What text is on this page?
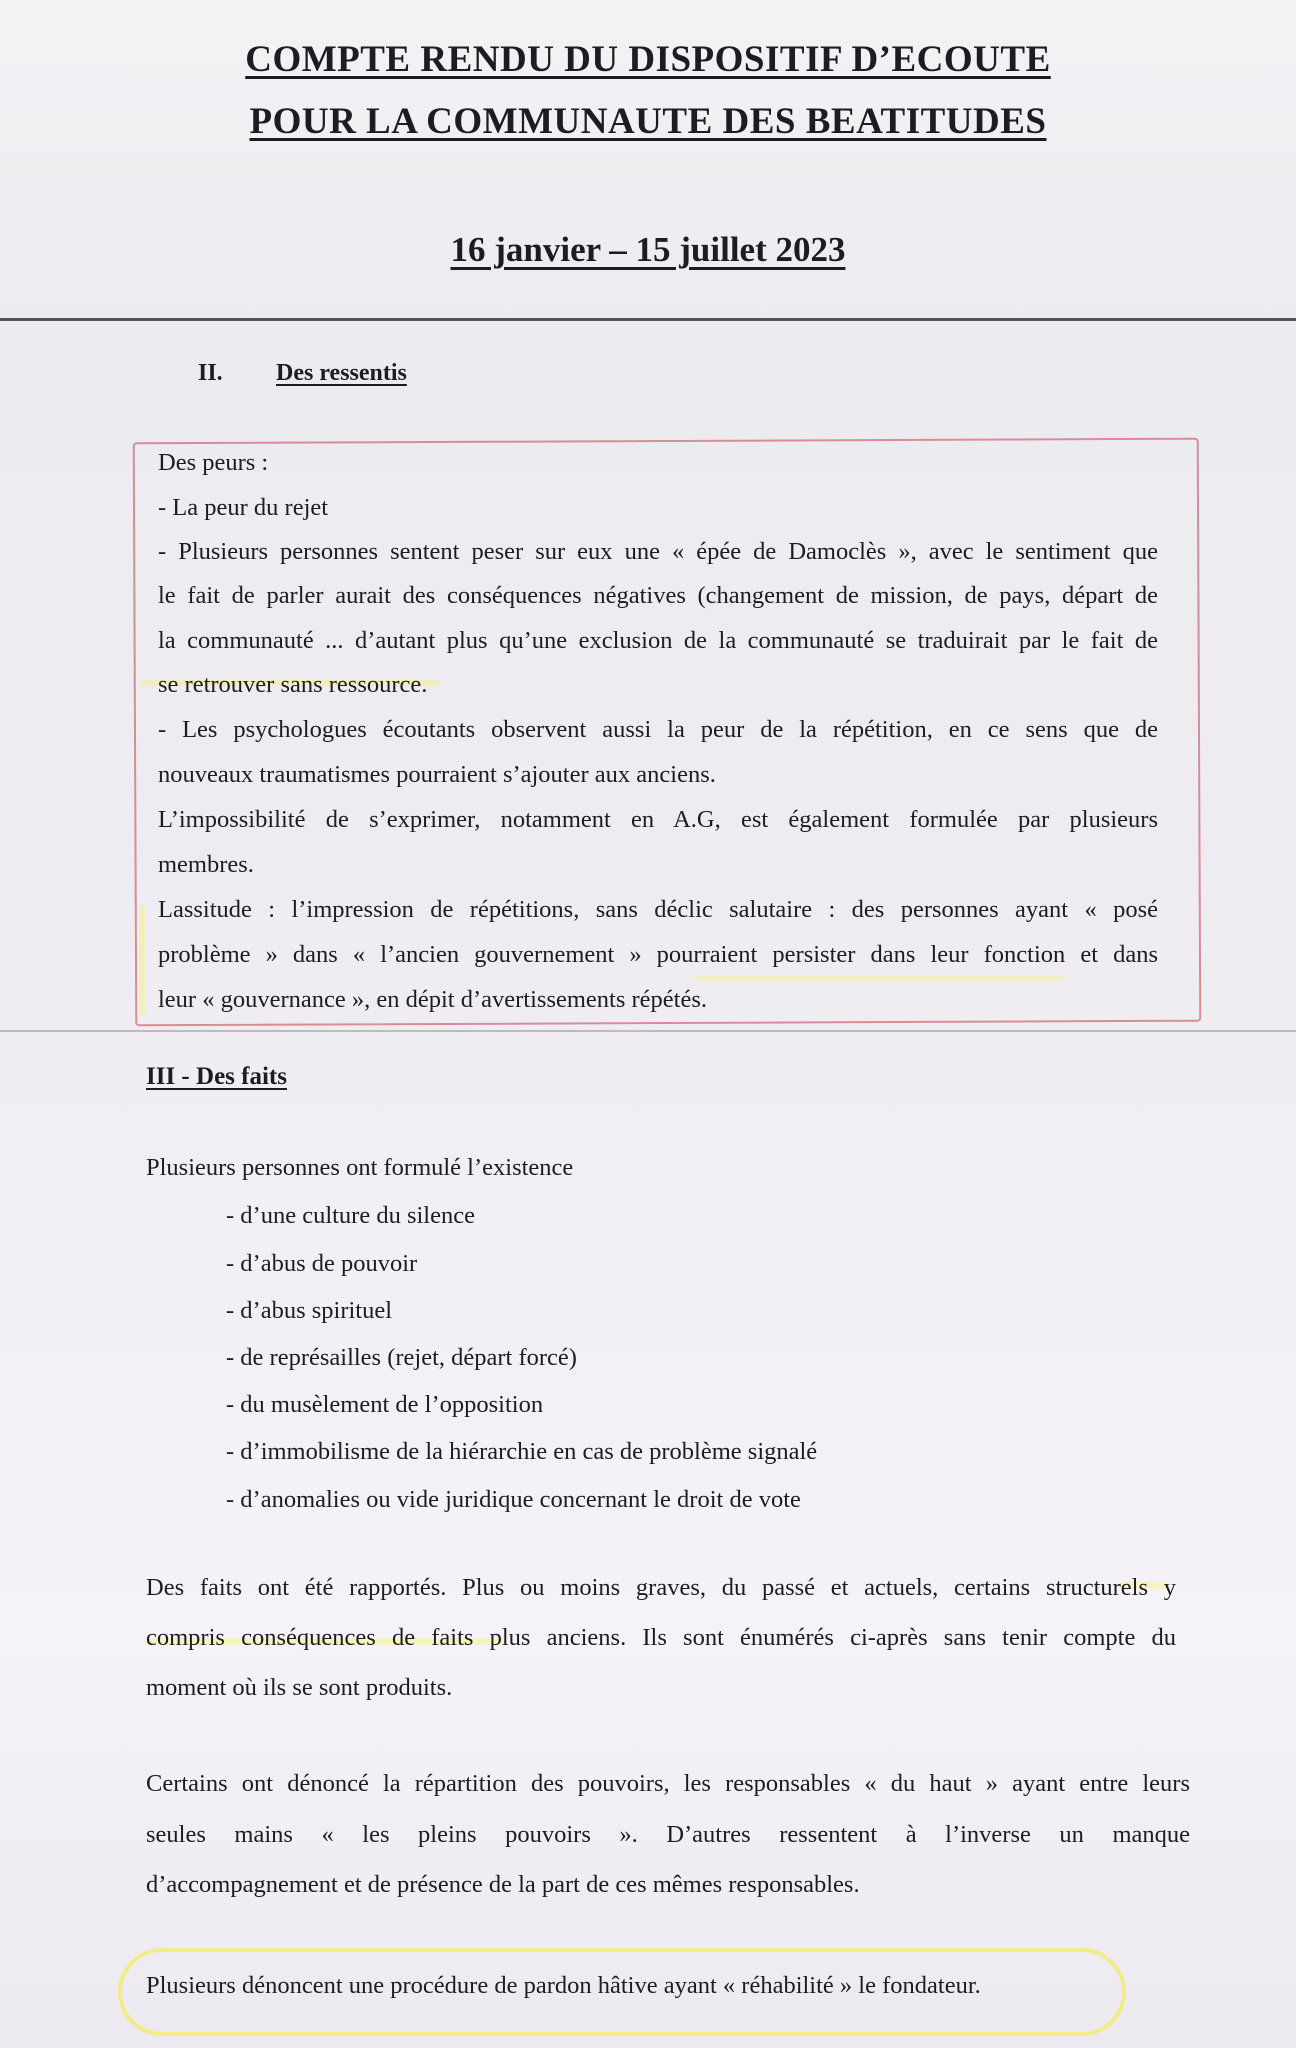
COMPTE RENDU DU DISPOSITIF D’ECOUTE
POUR LA COMMUNAUTE DES BEATITUDES
16 janvier – 15 juillet 2023
II. Des ressentis
Des peurs :
- La peur du rejet
- Plusieurs personnes sentent peser sur eux une « épée de Damoclès », avec le sentiment que
le fait de parler aurait des conséquences négatives (changement de mission, de pays, départ de
la communauté ... d’autant plus qu’une exclusion de la communauté se traduirait par le fait de
se retrouver sans ressource.
- Les psychologues écoutants observent aussi la peur de la répétition, en ce sens que de
nouveaux traumatismes pourraient s’ajouter aux anciens.
L’impossibilité de s’exprimer, notamment en A.G, est également formulée par plusieurs
membres.
Lassitude : l’impression de répétitions, sans déclic salutaire : des personnes ayant « posé
problème » dans « l’ancien gouvernement » pourraient persister dans leur fonction et dans
leur « gouvernance », en dépit d’avertissements répétés.
III - Des faits
Plusieurs personnes ont formulé l’existence
- d’une culture du silence
- d’abus de pouvoir
- d’abus spirituel
- de représailles (rejet, départ forcé)
- du musèlement de l’opposition
- d’immobilisme de la hiérarchie en cas de problème signalé
- d’anomalies ou vide juridique concernant le droit de vote
Des faits ont été rapportés. Plus ou moins graves, du passé et actuels, certains structurels y
compris conséquences de faits plus anciens. Ils sont énumérés ci-après sans tenir compte du
moment où ils se sont produits.
Certains ont dénoncé la répartition des pouvoirs, les responsables « du haut » ayant entre leurs
seules mains « les pleins pouvoirs ». D’autres ressentent à l’inverse un manque
d’accompagnement et de présence de la part de ces mêmes responsables.
Plusieurs dénoncent une procédure de pardon hâtive ayant « réhabilité » le fondateur.
